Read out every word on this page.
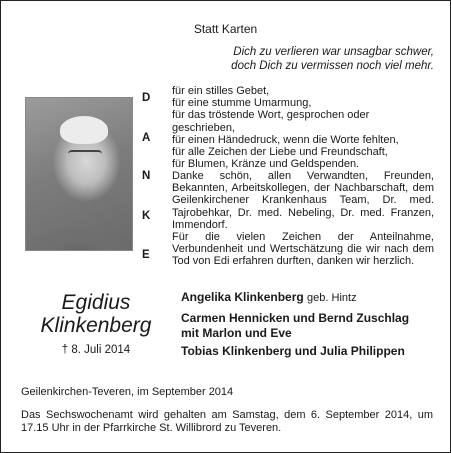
Statt Karten
Dich zu verlieren war unsagbar schwer,
doch Dich zu vermissen noch viel mehr.
D
A
N
K
E
für ein stilles Gebet,
für eine stumme Umarmung,
für das tröstende Wort, gesprochen oder geschrieben,
für einen Händedruck, wenn die Worte fehlten,
für alle Zeichen der Liebe und Freundschaft,
für Blumen, Kränze und Geldspenden.
Danke schön, allen Verwandten, Freunden, Bekannten, Arbeitskollegen, der Nachbarschaft, dem Geilenkirchener Krankenhaus Team, Dr. med. Tajrobehkar, Dr. med. Nebeling, Dr. med. Franzen, Immendorf.
Für die vielen Zeichen der Anteilnahme, Verbundenheit und Wertschätzung die wir nach dem Tod von Edi erfahren durften, danken wir herzlich.
Egidius
Klinkenberg
† 8. Juli 2014
Angelika Klinkenberg geb. Hintz
Carmen Hennicken und Bernd Zuschlag
mit Marlon und Eve
Tobias Klinkenberg und Julia Philippen
Geilenkirchen-Teveren, im September 2014
Das Sechswochenamt wird gehalten am Samstag, dem 6. September 2014, um 17.15 Uhr in der Pfarrkirche St. Willibrord zu Teveren.
